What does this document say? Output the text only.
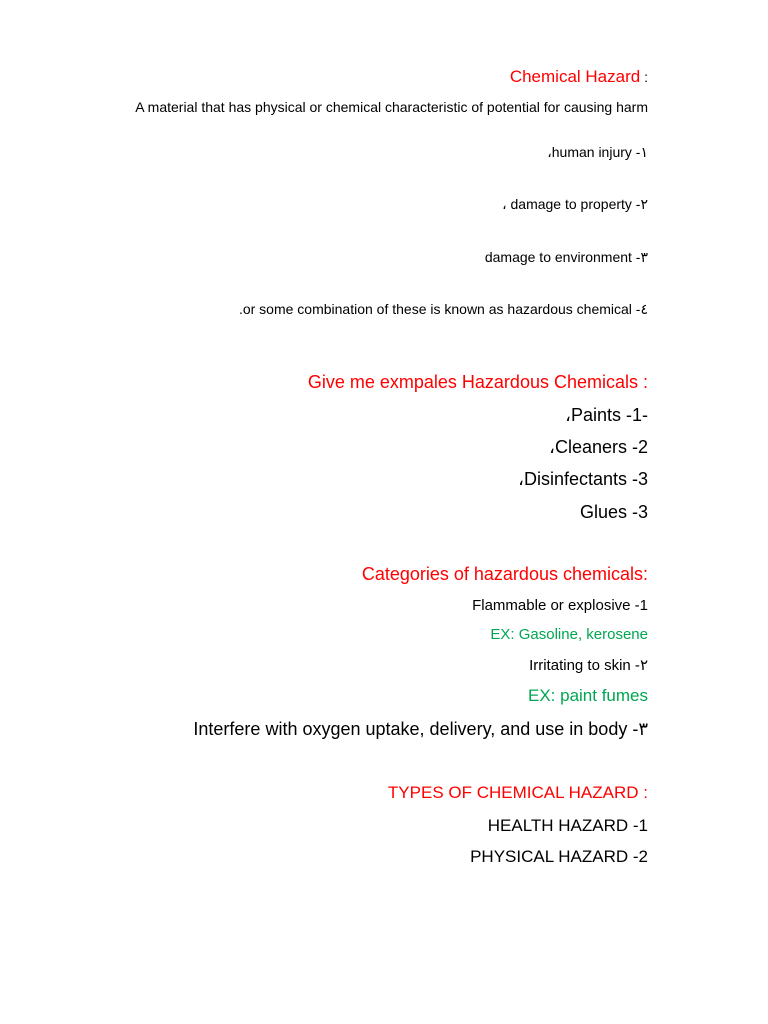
Chemical Hazard :
A material that has physical or chemical characteristic of potential for causing harm
،human injury -١
، damage to property -٢
damage to environment -٣
.or some combination of these is known as hazardous chemical -٤
Give me exmpales Hazardous Chemicals :
،Paints -1-
،Cleaners -2
،Disinfectants -3
Glues -3
Categories of hazardous chemicals:
Flammable or explosive -1
EX: Gasoline, kerosene
Irritating to skin -٢
EX: paint fumes
Interfere with oxygen uptake, delivery, and use in body -٣
TYPES OF CHEMICAL HAZARD :
HEALTH HAZARD -1
PHYSICAL HAZARD -2
